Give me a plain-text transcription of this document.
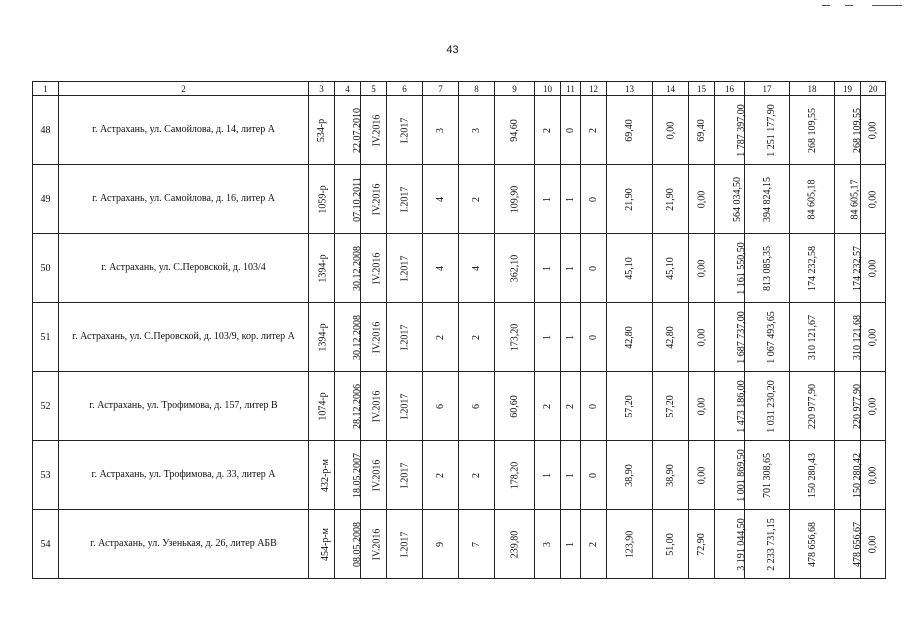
43
1	2	3	4	5	6	7	8	9	10	11	12	13	14	15	16	17	18	19	20
48	г. Астрахань, ул. Самойлова, д. 14, литер А	534-р	22.07.2010	IV.2016	I.2017	3	3	94,60	2	0	2	69,40	0,00	69,40	1 787 397,00	1 251 177,90	268 109,55	268 109,55	0,00
49	г. Астрахань, ул. Самойлова, д. 16, литер А	1059-р	07.10.2011	IV.2016	I.2017	4	2	109,90	1	1	0	21,90	21,90	0,00	564 034,50	394 824,15	84 605,18	84 605,17	0,00
50	г. Астрахань, ул. С.Перовской, д. 103/4	1394-р	30.12.2008	IV.2016	I.2017	4	4	362,10	1	1	0	45,10	45,10	0,00	1 161 550,50	813 085,35	174 232,58	174 232,57	0,00
51	г. Астрахань, ул. С.Перовской, д. 103/9, кор. литер А	1394-р	30.12.2008	IV.2016	I.2017	2	2	173,20	1	1	0	42,80	42,80	0,00	1 687 737,00	1 067 493,65	310 121,67	310 121,68	0,00
52	г. Астрахань, ул. Трофимова, д. 157, литер В	1074-р	28.12.2006	IV.2016	I.2017	6	6	60,60	2	2	0	57,20	57,20	0,00	1 473 186,00	1 031 230,20	220 977,90	220 977,90	0,00
53	г. Астрахань, ул. Трофимова, д. 33, литер А	432-р-м	18.05.2007	IV.2016	I.2017	2	2	178,20	1	1	0	38,90	38,90	0,00	1 001 869,50	701 308,65	150 280,43	150 280,42	0,00
54	г. Астрахань, ул. Узенькая, д. 26, литер АБВ	454-р-м	08.05.2008	IV.2016	I.2017	9	7	239,80	3	1	2	123,90	51,00	72,90	3 191 044,50	2 233 731,15	478 656,68	478 656,67	0,00
